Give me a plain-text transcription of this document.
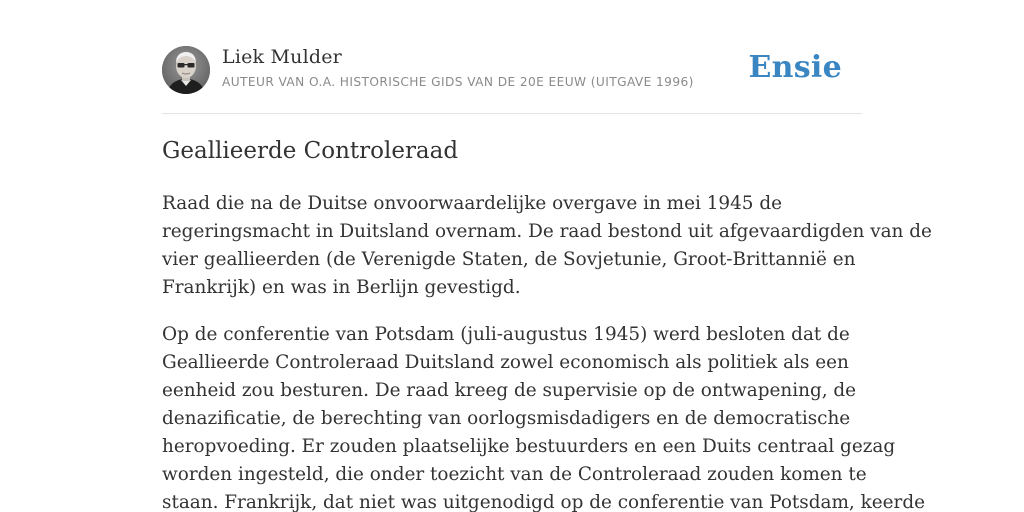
Liek Mulder
AUTEUR VAN O.A. HISTORISCHE GIDS VAN DE 20E EEUW (UITGAVE 1996) Ensie
Geallieerde Controleraad
Raad die na de Duitse onvoorwaardelijke overgave in mei 1945 de
regeringsmacht in Duitsland overnam. De raad bestond uit afgevaardigden van de
vier geallieerden (de Verenigde Staten, de Sovjetunie, Groot-Brittannië en
Frankrijk) en was in Berlijn gevestigd.
Op de conferentie van Potsdam (juli-augustus 1945) werd besloten dat de
Geallieerde Controleraad Duitsland zowel economisch als politiek als een
eenheid zou besturen. De raad kreeg de supervisie op de ontwapening, de
denazificatie, de berechting van oorlogsmisdadigers en de democratische
heropvoeding. Er zouden plaatselijke bestuurders en een Duits centraal gezag
worden ingesteld, die onder toezicht van de Controleraad zouden komen te
staan. Frankrijk, dat niet was uitgenodigd op de conferentie van Potsdam, keerde
